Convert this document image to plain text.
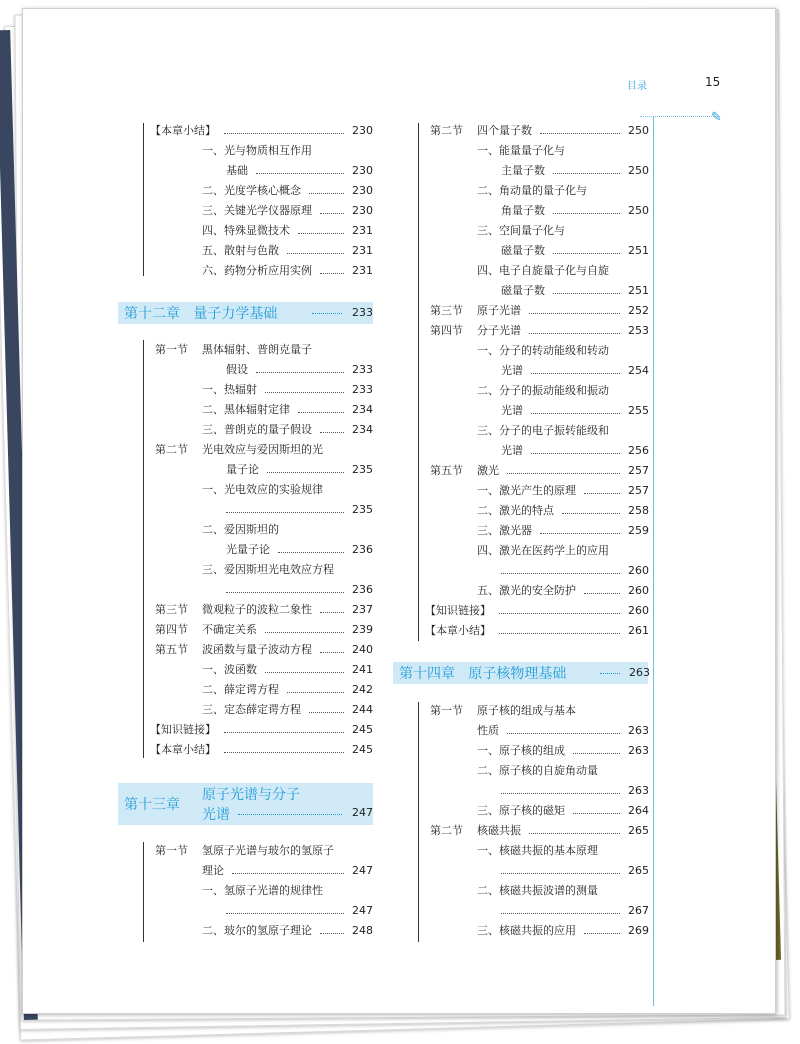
目录	15
✎
第十二章 量子力学基础	233
第十三章
原子光谱与分子
光谱	247
第十四章 原子核物理基础	263
【本章小结】	230
一、光与物质相互作用
基础	230
二、光度学核心概念	230
三、关键光学仪器原理	230
四、特殊显微技术	231
五、散射与色散	231
六、药物分析应用实例	231
第一节 黑体辐射、普朗克量子
假设	233
一、热辐射	233
二、黑体辐射定律	234
三、普朗克的量子假设	234
第二节 光电效应与爱因斯坦的光
量子论	235
一、光电效应的实验规律
235
二、爱因斯坦的
光量子论	236
三、爱因斯坦光电效应方程
236
第三节 微观粒子的波粒二象性	237
第四节 不确定关系	239
第五节 波函数与量子波动方程	240
一、波函数	241
二、薛定谔方程	242
三、定态薛定谔方程	244
【知识链接】	245
【本章小结】	245
第一节 氢原子光谱与玻尔的氢原子
理论	247
一、氢原子光谱的规律性
247
二、玻尔的氢原子理论	248
第二节 四个量子数	250
一、能量量子化与
主量子数	250
二、角动量的量子化与
角量子数	250
三、空间量子化与
磁量子数	251
四、电子自旋量子化与自旋
磁量子数	251
第三节 原子光谱	252
第四节 分子光谱	253
一、分子的转动能级和转动
光谱	254
二、分子的振动能级和振动
光谱	255
三、分子的电子振转能级和
光谱	256
第五节 激光	257
一、激光产生的原理	257
二、激光的特点	258
三、激光器	259
四、激光在医药学上的应用
260
五、激光的安全防护	260
【知识链接】	260
【本章小结】	261
第一节 原子核的组成与基本
性质	263
一、原子核的组成	263
二、原子核的自旋角动量
263
三、原子核的磁矩	264
第二节 核磁共振	265
一、核磁共振的基本原理
265
二、核磁共振波谱的测量
267
三、核磁共振的应用	269
